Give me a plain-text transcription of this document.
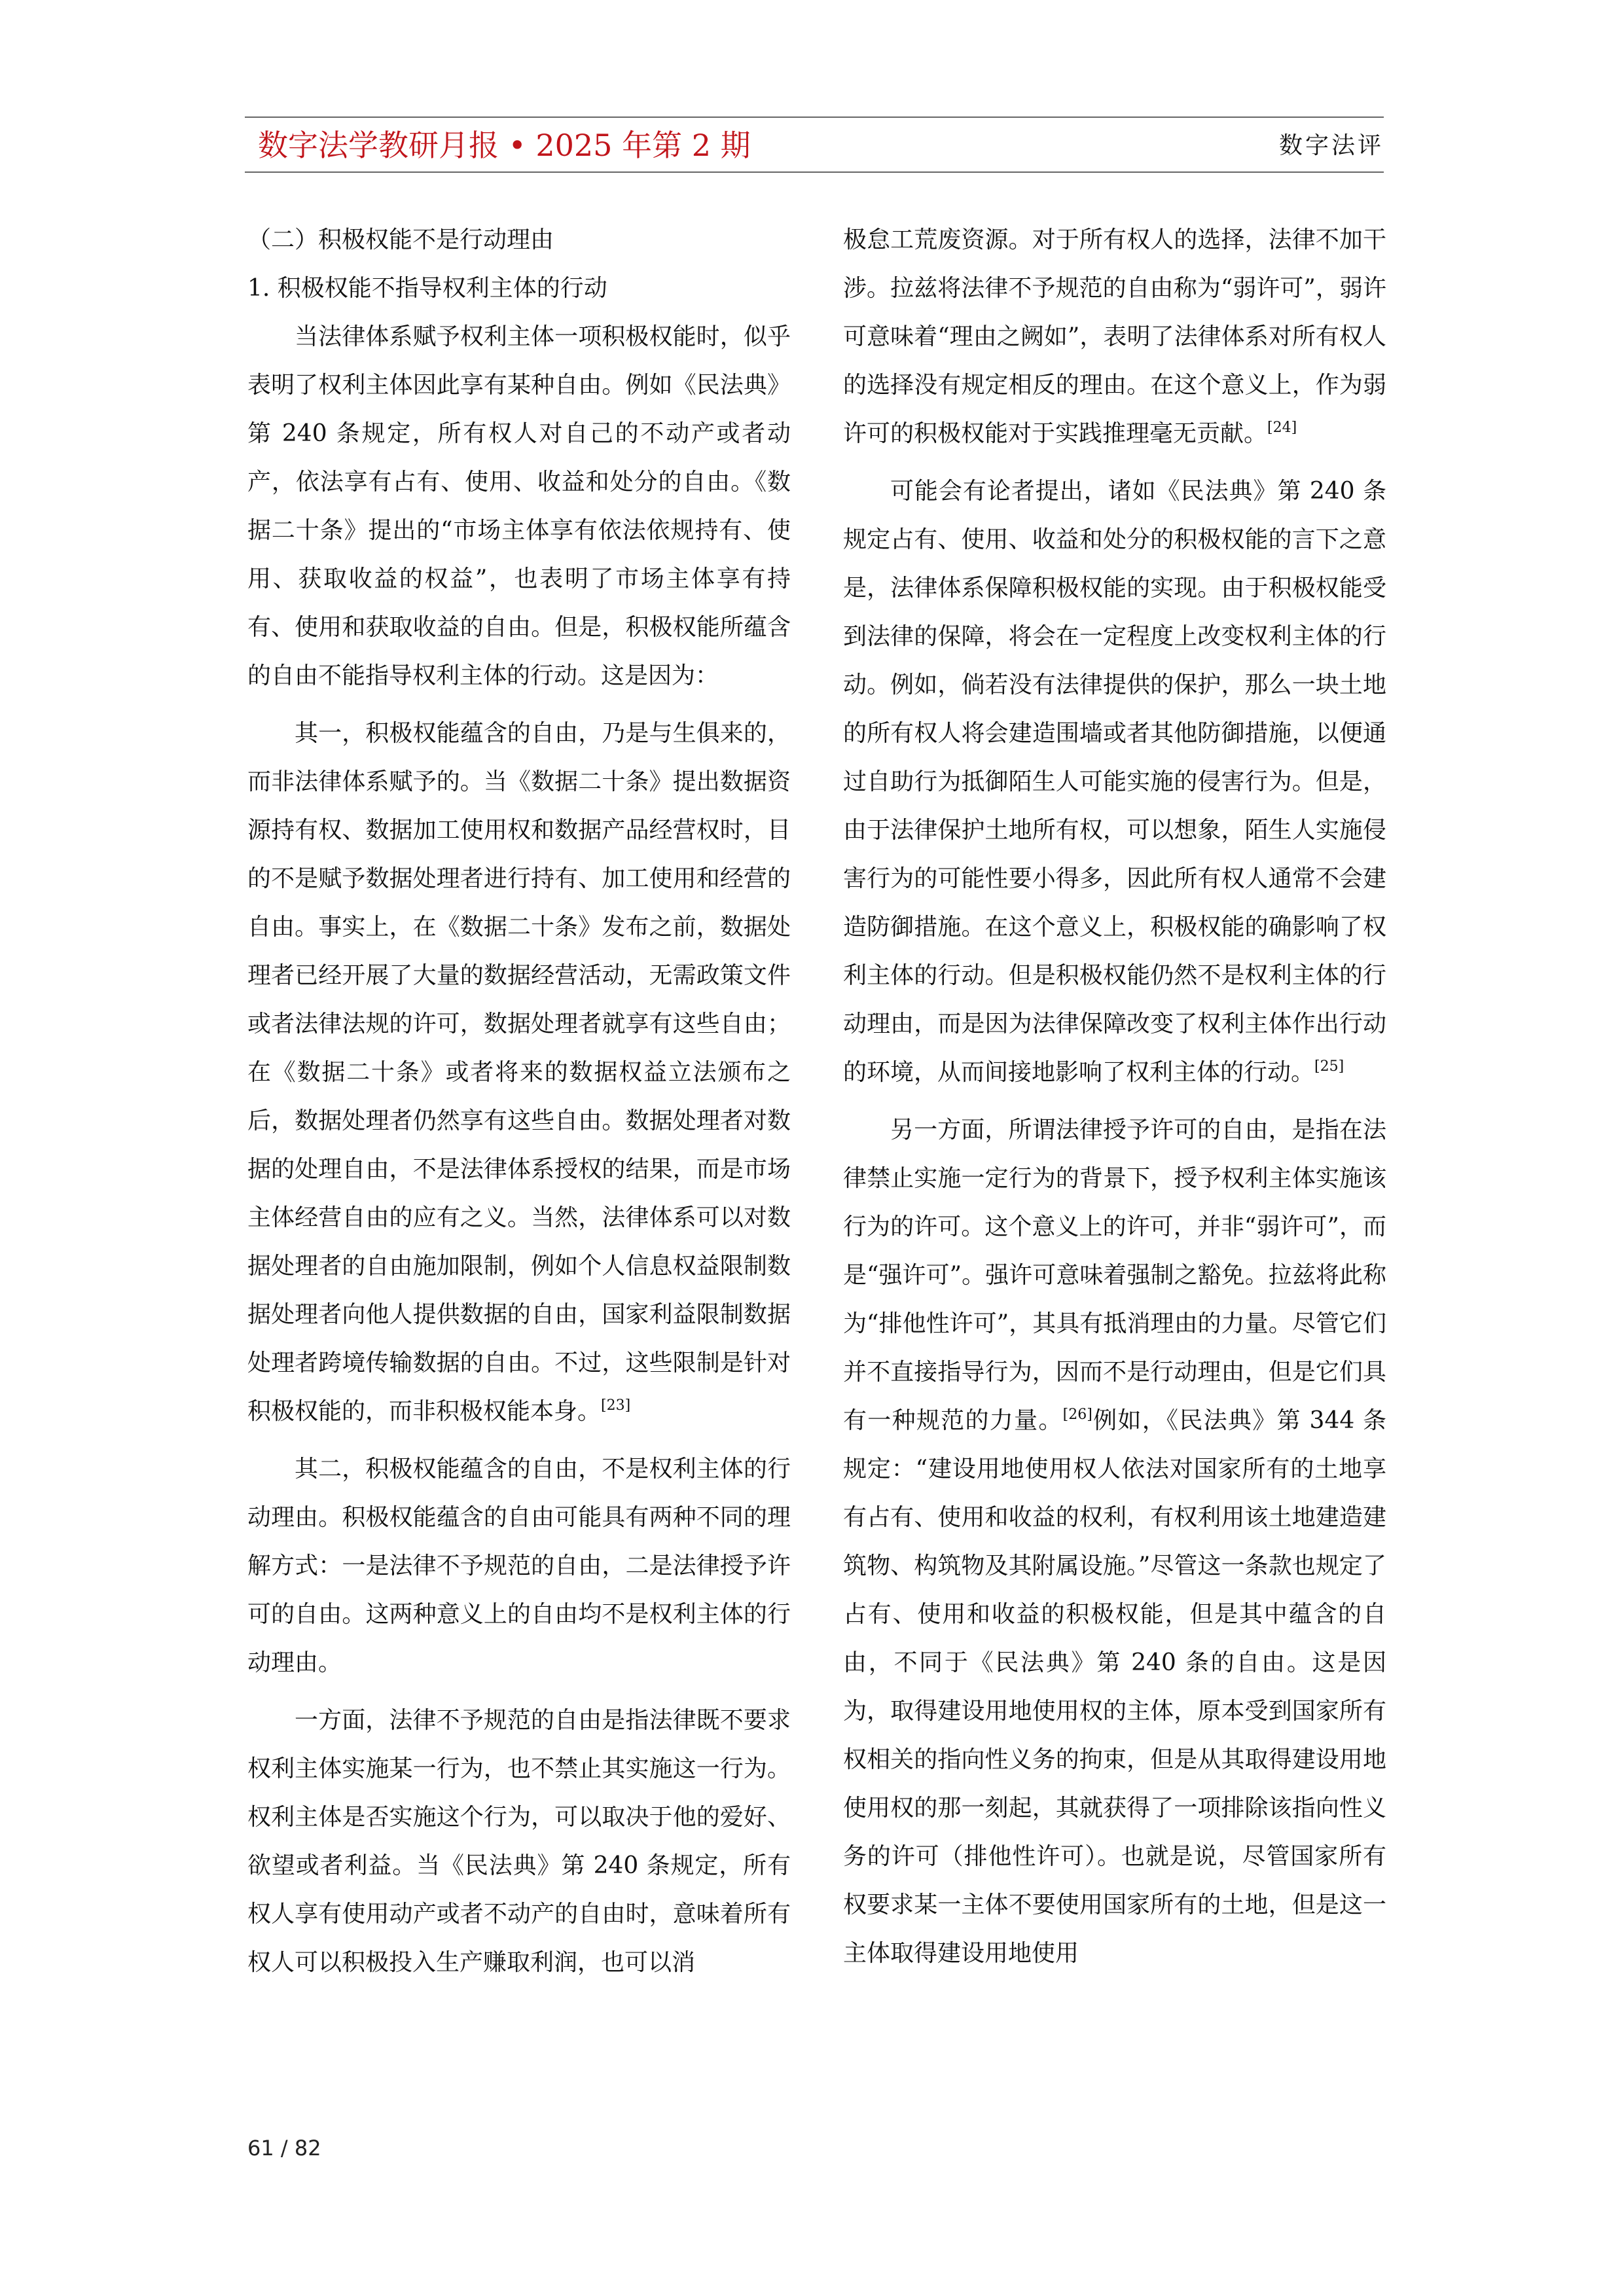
数字法学教研月报 • 2025 年第 2 期	数字法评

（二）积极权能不是行动理由

1. 积极权能不指导权利主体的行动

当法律体系赋予权利主体一项积极权能时，似乎表明了权利主体因此享有某种自由。例如《民法典》第 240 条规定，所有权人对自己的不动产或者动产，依法享有占有、使用、收益和处分的自由。《数据二十条》提出的“市场主体享有依法依规持有、使用、获取收益的权益”，也表明了市场主体享有持有、使用和获取收益的自由。但是，积极权能所蕴含的自由不能指导权利主体的行动。这是因为：

其一，积极权能蕴含的自由，乃是与生俱来的，而非法律体系赋予的。当《数据二十条》提出数据资源持有权、数据加工使用权和数据产品经营权时，目的不是赋予数据处理者进行持有、加工使用和经营的自由。事实上，在《数据二十条》发布之前，数据处理者已经开展了大量的数据经营活动，无需政策文件或者法律法规的许可，数据处理者就享有这些自由；在《数据二十条》或者将来的数据权益立法颁布之后，数据处理者仍然享有这些自由。数据处理者对数据的处理自由，不是法律体系授权的结果，而是市场主体经营自由的应有之义。当然，法律体系可以对数据处理者的自由施加限制，例如个人信息权益限制数据处理者向他人提供数据的自由，国家利益限制数据处理者跨境传输数据的自由。不过，这些限制是针对积极权能的，而非积极权能本身。[23]

其二，积极权能蕴含的自由，不是权利主体的行动理由。积极权能蕴含的自由可能具有两种不同的理解方式：一是法律不予规范的自由，二是法律授予许可的自由。这两种意义上的自由均不是权利主体的行动理由。

一方面，法律不予规范的自由是指法律既不要求权利主体实施某一行为，也不禁止其实施这一行为。权利主体是否实施这个行为，可以取决于他的爱好、欲望或者利益。当《民法典》第 240 条规定，所有权人享有使用动产或者不动产的自由时，意味着所有权人可以积极投入生产赚取利润，也可以消

极怠工荒废资源。对于所有权人的选择，法律不加干涉。拉兹将法律不予规范的自由称为“弱许可”，弱许可意味着“理由之阙如”，表明了法律体系对所有权人的选择没有规定相反的理由。在这个意义上，作为弱许可的积极权能对于实践推理毫无贡献。[24]

可能会有论者提出，诸如《民法典》第 240 条规定占有、使用、收益和处分的积极权能的言下之意是，法律体系保障积极权能的实现。由于积极权能受到法律的保障，将会在一定程度上改变权利主体的行动。例如，倘若没有法律提供的保护，那么一块土地的所有权人将会建造围墙或者其他防御措施，以便通过自助行为抵御陌生人可能实施的侵害行为。但是，由于法律保护土地所有权，可以想象，陌生人实施侵害行为的可能性要小得多，因此所有权人通常不会建造防御措施。在这个意义上，积极权能的确影响了权利主体的行动。但是积极权能仍然不是权利主体的行动理由，而是因为法律保障改变了权利主体作出行动的环境，从而间接地影响了权利主体的行动。[25]

另一方面，所谓法律授予许可的自由，是指在法律禁止实施一定行为的背景下，授予权利主体实施该行为的许可。这个意义上的许可，并非“弱许可”，而是“强许可”。强许可意味着强制之豁免。拉兹将此称为“排他性许可”，其具有抵消理由的力量。尽管它们并不直接指导行为，因而不是行动理由，但是它们具有一种规范的力量。[26]例如，《民法典》第 344 条规定：“建设用地使用权人依法对国家所有的土地享有占有、使用和收益的权利，有权利用该土地建造建筑物、构筑物及其附属设施。”尽管这一条款也规定了占有、使用和收益的积极权能，但是其中蕴含的自由，不同于《民法典》第 240 条的自由。这是因为，取得建设用地使用权的主体，原本受到国家所有权相关的指向性义务的拘束，但是从其取得建设用地使用权的那一刻起，其就获得了一项排除该指向性义务的许可（排他性许可）。也就是说，尽管国家所有权要求某一主体不要使用国家所有的土地，但是这一主体取得建设用地使用

61 / 82
